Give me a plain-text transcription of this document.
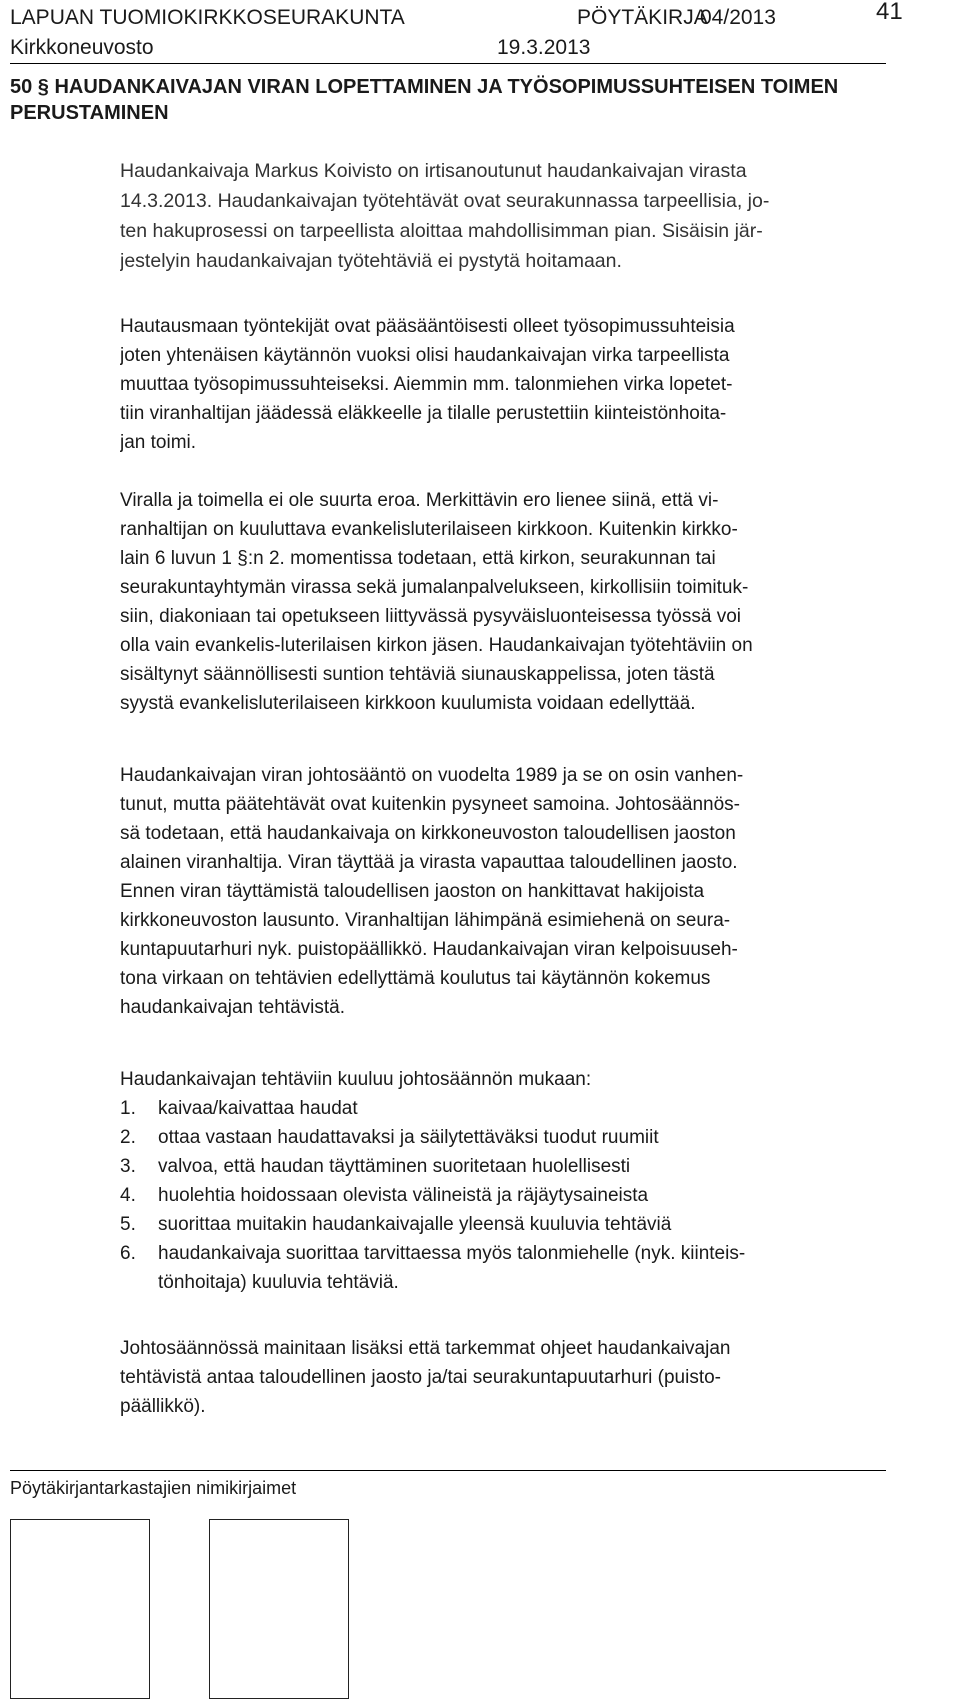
LAPUAN TUOMIOKIRKKOSEURAKUNTA	PÖYTÄKIRJA
04/2013	41
Kirkkoneuvosto	19.3.2013
50 § HAUDANKAIVAJAN VIRAN LOPETTAMINEN JA TYÖSOPIMUSSUHTEISEN TOIMEN
PERUSTAMINEN
Haudankaivaja Markus Koivisto on irtisanoutunut haudankaivajan virasta
14.3.2013. Haudankaivajan työtehtävät ovat seurakunnassa tarpeellisia, jo-
ten hakuprosessi on tarpeellista aloittaa mahdollisimman pian. Sisäisin jär-
jestelyin haudankaivajan työtehtäviä ei pystytä hoitamaan.
Hautausmaan työntekijät ovat pääsääntöisesti olleet työsopimussuhteisia
joten yhtenäisen käytännön vuoksi olisi haudankaivajan virka tarpeellista
muuttaa työsopimussuhteiseksi. Aiemmin mm. talonmiehen virka lopetet-
tiin viranhaltijan jäädessä eläkkeelle ja tilalle perustettiin kiinteistönhoita-
jan toimi.
Viralla ja toimella ei ole suurta eroa. Merkittävin ero lienee siinä, että vi-
ranhaltijan on kuuluttava evankelisluterilaiseen kirkkoon. Kuitenkin kirkko-
lain 6 luvun 1 §:n 2. momentissa todetaan, että kirkon, seurakunnan tai
seurakuntayhtymän virassa sekä jumalanpalvelukseen, kirkollisiin toimituk-
siin, diakoniaan tai opetukseen liittyvässä pysyväisluonteisessa työssä voi
olla vain evankelis-luterilaisen kirkon jäsen. Haudankaivajan työtehtäviin on
sisältynyt säännöllisesti suntion tehtäviä siunauskappelissa, joten tästä
syystä evankelisluterilaiseen kirkkoon kuulumista voidaan edellyttää.
Haudankaivajan viran johtosääntö on vuodelta 1989 ja se on osin vanhen-
tunut, mutta päätehtävät ovat kuitenkin pysyneet samoina. Johtosäännös-
sä todetaan, että haudankaivaja on kirkkoneuvoston taloudellisen jaoston
alainen viranhaltija. Viran täyttää ja virasta vapauttaa taloudellinen jaosto.
Ennen viran täyttämistä taloudellisen jaoston on hankittavat hakijoista
kirkkoneuvoston lausunto. Viranhaltijan lähimpänä esimiehenä on seura-
kuntapuutarhuri nyk. puistopäällikkö. Haudankaivajan viran kelpoisuuseh-
tona virkaan on tehtävien edellyttämä koulutus tai käytännön kokemus
haudankaivajan tehtävistä.
Haudankaivajan tehtäviin kuuluu johtosäännön mukaan:
1. kaivaa/kaivattaa haudat
2. ottaa vastaan haudattavaksi ja säilytettäväksi tuodut ruumiit
3. valvoa, että haudan täyttäminen suoritetaan huolellisesti
4. huolehtia hoidossaan olevista välineistä ja räjäytysaineista
5. suorittaa muitakin haudankaivajalle yleensä kuuluvia tehtäviä
6. haudankaivaja suorittaa tarvittaessa myös talonmiehelle (nyk. kiinteis-
tönhoitaja) kuuluvia tehtäviä.
Johtosäännössä mainitaan lisäksi että tarkemmat ohjeet haudankaivajan
tehtävistä antaa taloudellinen jaosto ja/tai seurakuntapuutarhuri (puisto-
päällikkö).
Pöytäkirjantarkastajien nimikirjaimet
